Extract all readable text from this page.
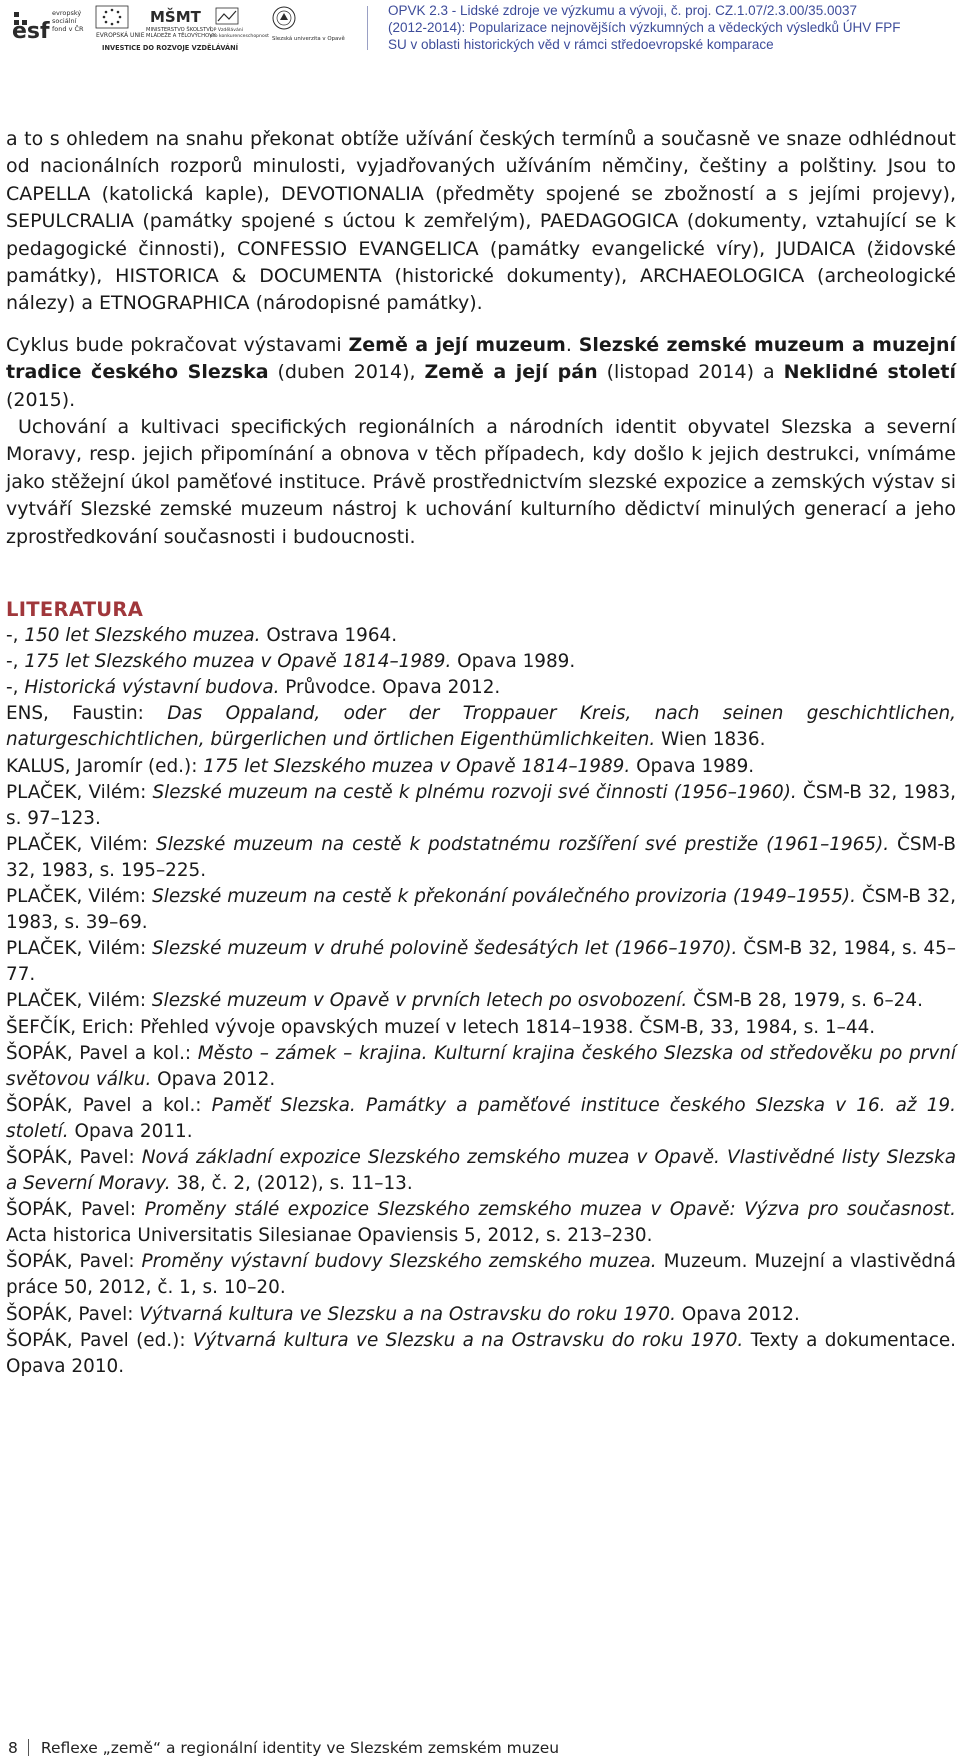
esf
evropský
sociální
fond v ČR
EVROPSKÁ UNIE
MŠMT
MINISTERSTVO ŠKOLSTVÍ,
MLÁDEŽE A TĚLOVÝCHOVY
OP Vzdělávání
pro konkurenceschopnost Slezská univerzita v Opavě
INVESTICE DO ROZVOJE VZDĚLÁVÁNÍ
OPVK 2.3 - Lidské zdroje ve výzkumu a vývoji, č. proj. CZ.1.07/2.3.00/35.0037
(2012-2014): Popularizace nejnovějších výzkumných a vědeckých výsledků ÚHV FPF
SU v oblasti historických věd v rámci středoevropské komparace

a to s ohledem na snahu překonat obtíže užívání českých termínů a současně ve snaze odhlédnout od nacionálních rozporů minulosti, vyjadřovaných užíváním němčiny, češtiny a polštiny. Jsou to CAPELLA (katolická kaple), DEVOTIONALIA (předměty spojené se zbožností a s jejími projevy), SEPULCRALIA (památky spojené s úctou k zemřelým), PAEDAGOGICA (dokumenty, vztahující se k pedagogické činnosti), CONFESSIO EVANGELICA (památky evangelické víry), JUDAICA (židovské památky), HISTORICA & DOCUMENTA (historické dokumenty), ARCHAEOLOGICA (archeologické nálezy) a ETNOGRAPHICA (národopisné památky).

Cyklus bude pokračovat výstavami Země a její muzeum. Slezské zemské muzeum a muzejní tradice českého Slezska (duben 2014), Země a její pán (listopad 2014) a Neklidné století (2015).

Uchování a kultivaci specifických regionálních a národních identit obyvatel Slezska a severní Moravy, resp. jejich připomínání a obnova v těch případech, kdy došlo k jejich destrukci, vnímáme jako stěžejní úkol paměťové instituce. Právě prostřednictvím slezské expozice a zemských výstav si vytváří Slezské zemské muzeum nástroj k uchování kulturního dědictví minulých generací a jeho zprostředkování současnosti i budoucnosti.

LITERATURA
-, 150 let Slezského muzea. Ostrava 1964.
-, 175 let Slezského muzea v Opavě 1814–1989. Opava 1989.
-, Historická výstavní budova. Průvodce. Opava 2012.
ENS, Faustin: Das Oppaland, oder der Troppauer Kreis, nach seinen geschichtlichen, naturgeschichtlichen, bürgerlichen und örtlichen Eigenthümlichkeiten. Wien 1836.
KALUS, Jaromír (ed.): 175 let Slezského muzea v Opavě 1814–1989. Opava 1989.
PLAČEK, Vilém: Slezské muzeum na cestě k plnému rozvoji své činnosti (1956–1960). ČSM-B 32, 1983, s. 97–123.
PLAČEK, Vilém: Slezské muzeum na cestě k podstatnému rozšíření své prestiže (1961–1965). ČSM-B 32, 1983, s. 195–225.
PLAČEK, Vilém: Slezské muzeum na cestě k překonání poválečného provizoria (1949–1955). ČSM-B 32, 1983, s. 39–69.
PLAČEK, Vilém: Slezské muzeum v druhé polovině šedesátých let (1966–1970). ČSM-B 32, 1984, s. 45–77.
PLAČEK, Vilém: Slezské muzeum v Opavě v prvních letech po osvobození. ČSM-B 28, 1979, s. 6–24.
ŠEFČÍK, Erich: Přehled vývoje opavských muzeí v letech 1814–1938. ČSM-B, 33, 1984, s. 1–44.
ŠOPÁK, Pavel a kol.: Město – zámek – krajina. Kulturní krajina českého Slezska od středověku po první světovou válku. Opava 2012.
ŠOPÁK, Pavel a kol.: Paměť Slezska. Památky a paměťové instituce českého Slezska v 16. až 19. století. Opava 2011.
ŠOPÁK, Pavel: Nová základní expozice Slezského zemského muzea v Opavě. Vlastivědné listy Slezska a Severní Moravy. 38, č. 2, (2012), s. 11–13.
ŠOPÁK, Pavel: Proměny stálé expozice Slezského zemského muzea v Opavě: Výzva pro současnost. Acta historica Universitatis Silesianae Opaviensis 5, 2012, s. 213–230.
ŠOPÁK, Pavel: Proměny výstavní budovy Slezského zemského muzea. Muzeum. Muzejní a vlastivědná práce 50, 2012, č. 1, s. 10–20.
ŠOPÁK, Pavel: Výtvarná kultura ve Slezsku a na Ostravsku do roku 1970. Opava 2012.
ŠOPÁK, Pavel (ed.): Výtvarná kultura ve Slezsku a na Ostravsku do roku 1970. Texty a dokumentace. Opava 2010.
8 Reflexe „země“ a regionální identity ve Slezském zemském muzeu
